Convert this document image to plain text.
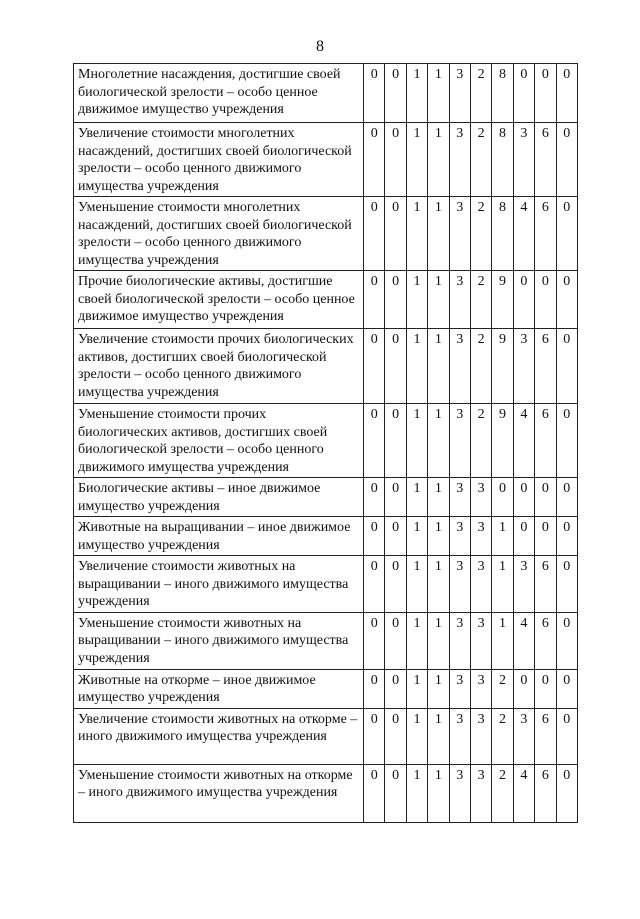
8
Многолетние насаждения, достигшие своей биологической зрелости – особо ценное движимое имущество учреждения	0	0	1	1	3	2	8	0	0	0
Увеличение стоимости многолетних насаждений, достигших своей биологической зрелости – особо ценного движимого имущества учреждения	0	0	1	1	3	2	8	3	6	0
Уменьшение стоимости многолетних насаждений, достигших своей биологической зрелости – особо ценного движимого имущества учреждения	0	0	1	1	3	2	8	4	6	0
Прочие биологические активы, достигшие своей биологической зрелости – особо ценное движимое имущество учреждения	0	0	1	1	3	2	9	0	0	0
Увеличение стоимости прочих биологических активов, достигших своей биологической зрелости – особо ценного движимого имущества учреждения	0	0	1	1	3	2	9	3	6	0
Уменьшение стоимости прочих биологических активов, достигших своей биологической зрелости – особо ценного движимого имущества учреждения	0	0	1	1	3	2	9	4	6	0
Биологические активы – иное движимое имущество учреждения	0	0	1	1	3	3	0	0	0	0
Животные на выращивании – иное движимое имущество учреждения	0	0	1	1	3	3	1	0	0	0
Увеличение стоимости животных на выращивании – иного движимого имущества учреждения	0	0	1	1	3	3	1	3	6	0
Уменьшение стоимости животных на выращивании – иного движимого имущества учреждения	0	0	1	1	3	3	1	4	6	0
Животные на откорме – иное движимое имущество учреждения	0	0	1	1	3	3	2	0	0	0
Увеличение стоимости животных на откорме – иного движимого имущества учреждения	0	0	1	1	3	3	2	3	6	0
Уменьшение стоимости животных на откорме – иного движимого имущества учреждения	0	0	1	1	3	3	2	4	6	0
